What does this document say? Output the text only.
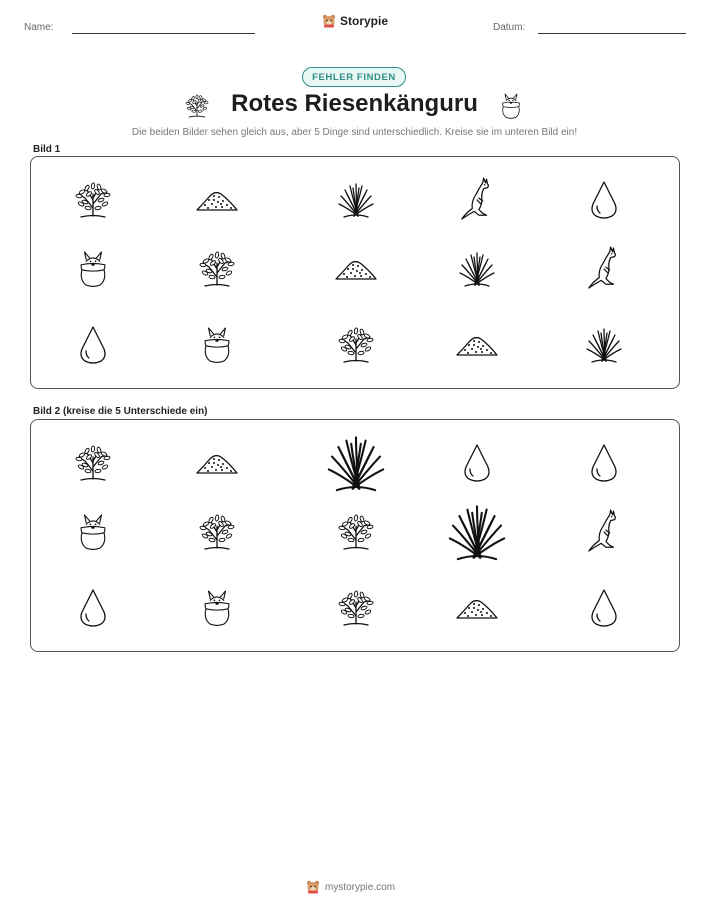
Name:	Storypie	Datum:
FEHLER FINDEN
Rotes Riesenkänguru
Die beiden Bilder sehen gleich aus, aber 5 Dinge sind unterschiedlich. Kreise sie im unteren Bild ein!
Bild 1
Bild 2 (kreise die 5 Unterschiede ein)
mystorypie.com
